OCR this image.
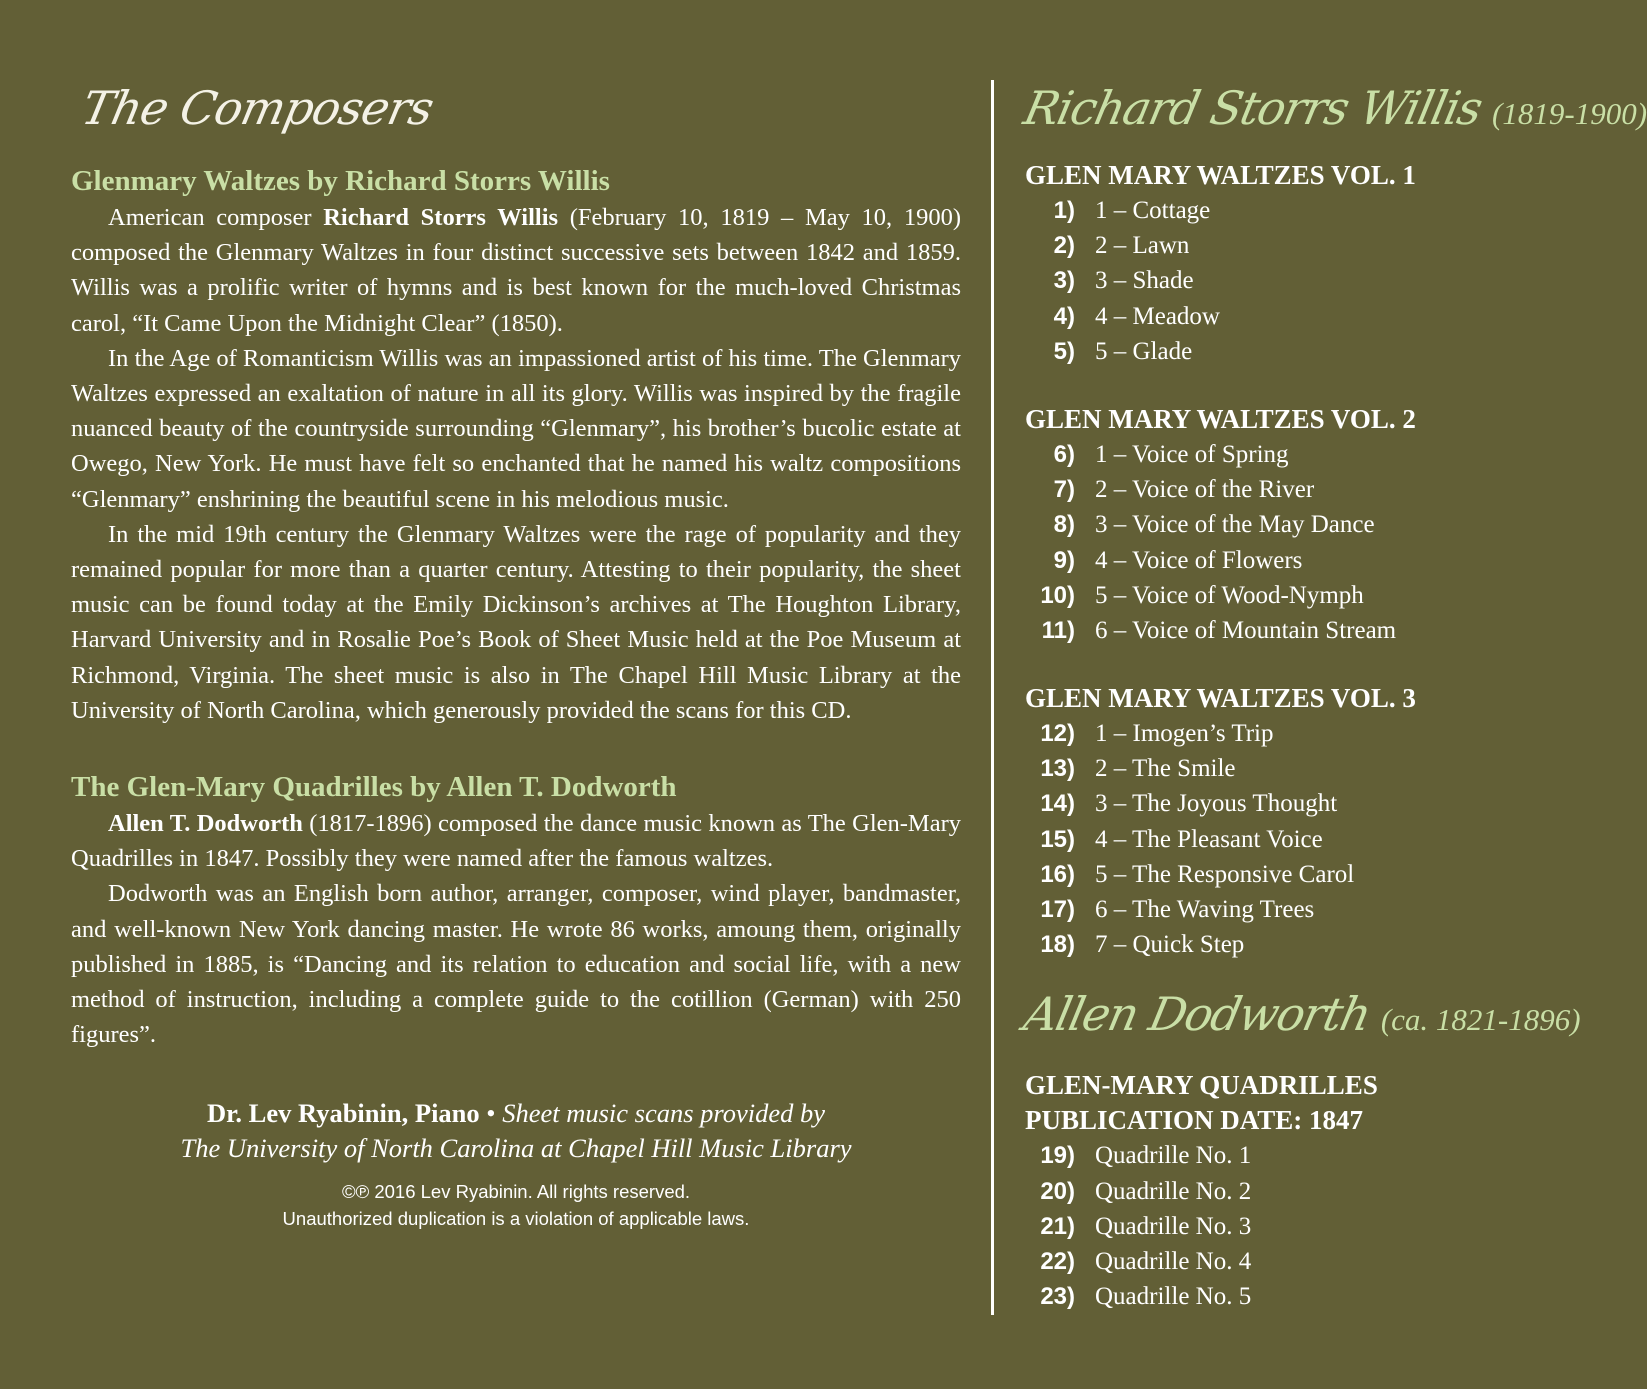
The Composers
Glenmary Waltzes by Richard Storrs Willis

American composer Richard Storrs Willis (February 10, 1819 – May 10, 1900) composed the Glenmary Waltzes in four distinct successive sets between 1842 and 1859. Willis was a prolific writer of hymns and is best known for the much-loved Christmas carol, “It Came Upon the Midnight Clear” (1850).

In the Age of Romanticism Willis was an impassioned artist of his time. The Glenmary Waltzes expressed an exaltation of nature in all its glory. Willis was inspired by the fragile nuanced beauty of the countryside surrounding “Glenmary”, his brother’s bucolic estate at Owego, New York. He must have felt so enchanted that he named his waltz compositions “Glenmary” enshrining the beautiful scene in his melodious music.

In the mid 19th century the Glenmary Waltzes were the rage of popularity and they remained popular for more than a quarter century. Attesting to their popularity, the sheet music can be found today at the Emily Dickinson’s archives at The Houghton Library, Harvard University and in Rosalie Poe’s Book of Sheet Music held at the Poe Museum at Richmond, Virginia. The sheet music is also in The Chapel Hill Music Library at the University of North Carolina, which generously provided the scans for this CD.

The Glen-Mary Quadrilles by Allen T. Dodworth

Allen T. Dodworth (1817-1896) composed the dance music known as The Glen-Mary Quadrilles in 1847. Possibly they were named after the famous waltzes.

Dodworth was an English born author, arranger, composer, wind player, bandmaster, and well-known New York dancing master. He wrote 86 works, amoung them, originally published in 1885, is “Dancing and its relation to education and social life, with a new method of instruction, including a complete guide to the cotillion (German) with 250 figures”.

Dr. Lev Ryabinin, Piano • Sheet music scans provided by
The University of North Carolina at Chapel Hill Music Library
©℗ 2016 Lev Ryabinin. All rights reserved.
Unauthorized duplication is a violation of applicable laws.
Richard Storrs Willis (1819-1900)
GLEN MARY WALTZES VOL. 1
1) 1 – Cottage
2) 2 – Lawn
3) 3 – Shade
4) 4 – Meadow
5) 5 – Glade
GLEN MARY WALTZES VOL. 2
6) 1 – Voice of Spring
7) 2 – Voice of the River
8) 3 – Voice of the May Dance
9) 4 – Voice of Flowers
10) 5 – Voice of Wood-Nymph
11) 6 – Voice of Mountain Stream
GLEN MARY WALTZES VOL. 3
12) 1 – Imogen’s Trip
13) 2 – The Smile
14) 3 – The Joyous Thought
15) 4 – The Pleasant Voice
16) 5 – The Responsive Carol
17) 6 – The Waving Trees
18) 7 – Quick Step
Allen Dodworth (ca. 1821-1896)
GLEN-MARY QUADRILLES
PUBLICATION DATE: 1847
19) Quadrille No. 1
20) Quadrille No. 2
21) Quadrille No. 3
22) Quadrille No. 4
23) Quadrille No. 5
